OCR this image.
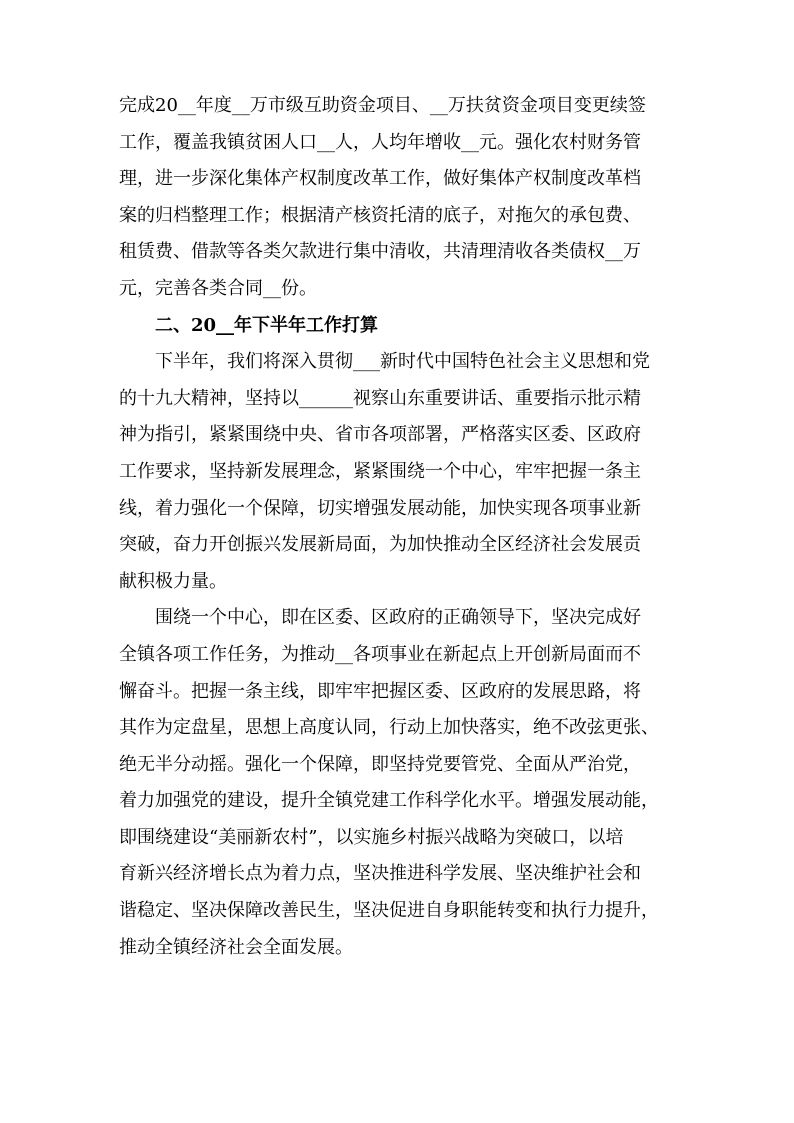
完成20__年度__万市级互助资金项目、__万扶贫资金项目变更续签
工作，覆盖我镇贫困人口__人，人均年增收__元。强化农村财务管
理，进一步深化集体产权制度改革工作，做好集体产权制度改革档
案的归档整理工作；根据清产核资托清的底子，对拖欠的承包费、
租赁费、借款等各类欠款进行集中清收，共清理清收各类债权__万
元，完善各类合同__份。
　　二、20__年下半年工作打算
　　下半年，我们将深入贯彻___新时代中国特色社会主义思想和党
的十九大精神，坚持以______视察山东重要讲话、重要指示批示精
神为指引，紧紧围绕中央、省市各项部署，严格落实区委、区政府
工作要求，坚持新发展理念，紧紧围绕一个中心，牢牢把握一条主
线，着力强化一个保障，切实增强发展动能，加快实现各项事业新
突破，奋力开创振兴发展新局面，为加快推动全区经济社会发展贡
献积极力量。
　　围绕一个中心，即在区委、区政府的正确领导下，坚决完成好
全镇各项工作任务，为推动__各项事业在新起点上开创新局面而不
懈奋斗。把握一条主线，即牢牢把握区委、区政府的发展思路，将
其作为定盘星，思想上高度认同，行动上加快落实，绝不改弦更张、
绝无半分动摇。强化一个保障，即坚持党要管党、全面从严治党，
着力加强党的建设，提升全镇党建工作科学化水平。增强发展动能，
即围绕建设“美丽新农村”，以实施乡村振兴战略为突破口，以培
育新兴经济增长点为着力点，坚决推进科学发展、坚决维护社会和
谐稳定、坚决保障改善民生，坚决促进自身职能转变和执行力提升，
推动全镇经济社会全面发展。
